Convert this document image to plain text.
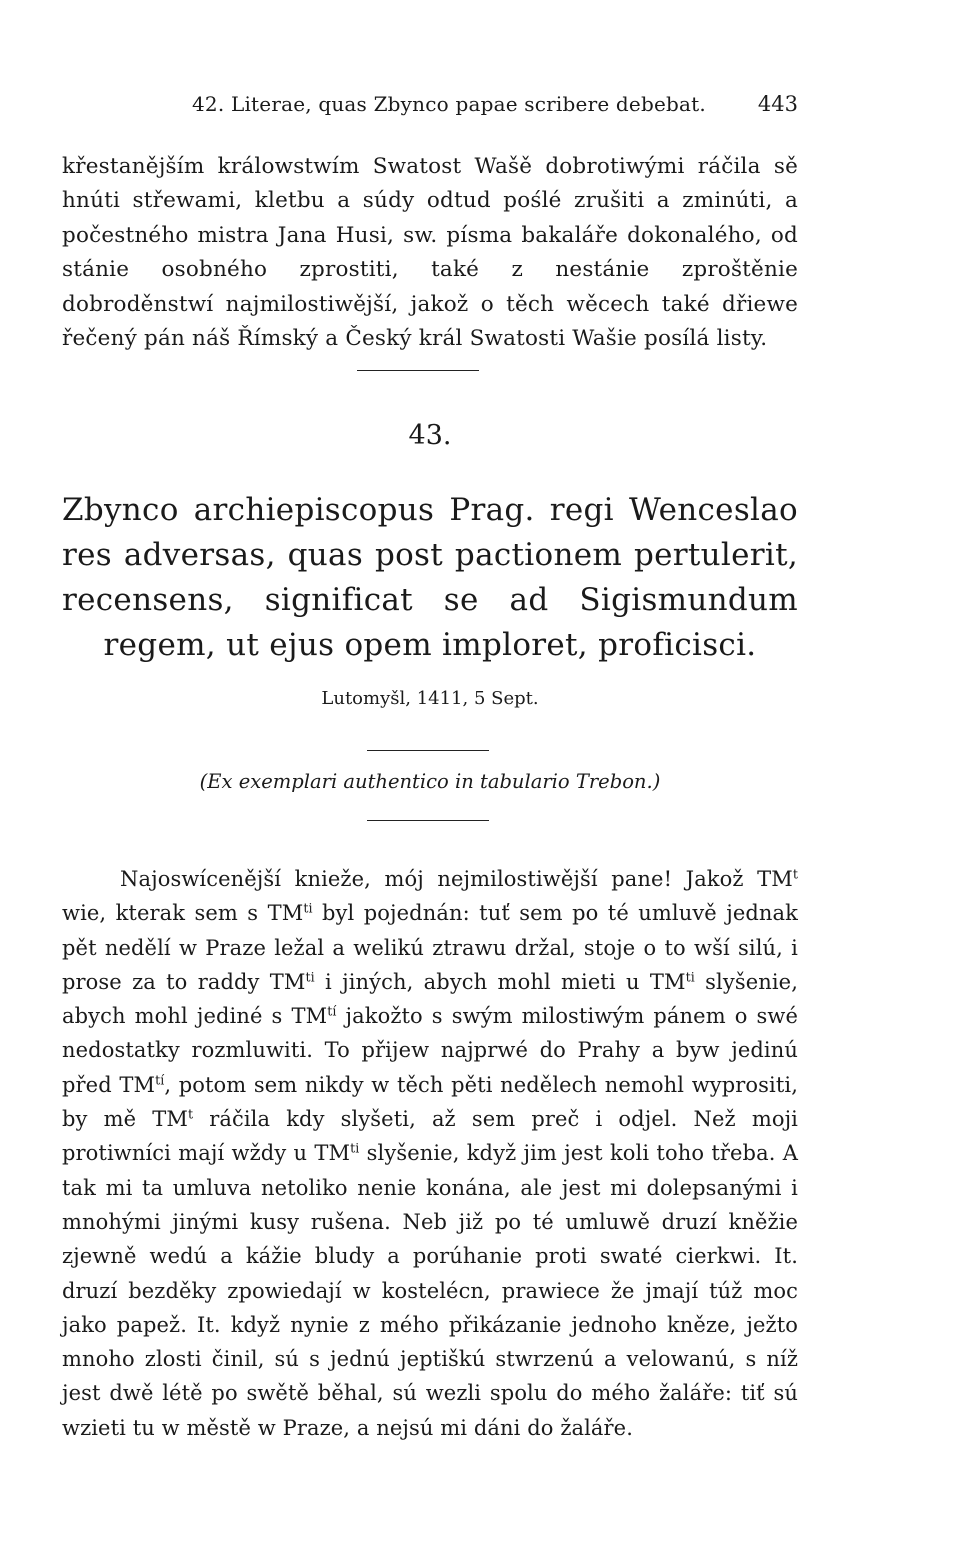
42. Literae, quas Zbynco papae scribere debebat. 443

křestanějším králowstwím Swatost Wašě dobrotiwými ráčila sě hnúti střewami, kletbu a súdy odtud poślé zrušiti a zminúti, a počestného mistra Jana Husi, sw. písma bakaláře dokonalého, od stánie osobného zprostiti, také z nestánie zproštěnie dobroděnstwí najmilostiwější, jakož o těch wěcech také dřiewe řečený pán náš Římský a Český král Swatosti Wašie posílá listy.

43.

Zbynco archiepiscopus Prag. regi Wenceslao res adversas, quas post pactionem pertulerit, recensens, significat se ad Sigismundum regem, ut ejus opem imploret, proficisci.

Lutomyšl, 1411, 5 Sept.
(Ex exemplari authentico in tabulario Trebon.)

Najoswícenější knieže, mój nejmilostiwější pane! Jakož $TM^t$ wie, kterak sem s $TM^{ti}$ byl pojednán: tuť sem po té umluvě jednak pět nedělí w Praze ležal a welikú ztrawu držal, stoje o to wší silú, i prose za to raddy $TM^{ti}$ i jiných, abych mohl mieti u $TM^{ti}$ slyšenie, abych mohl jediné s $TM^{tí}$ jakožto s swým milostiwým pánem o swé nedostatky rozmluwiti. To přijew najprwé do Prahy a byw jedinú před $TM^{tí}$, potom sem nikdy w těch pěti nedělech nemohl wyprositi, by mě $TM^t$ ráčila kdy slyšeti, až sem preč i odjel. Než moji protiwníci mají wždy u $TM^{ti}$ slyšenie, když jim jest koli toho třeba. A tak mi ta umluva netoliko nenie konána, ale jest mi dolepsanými i mnohými jinými kusy rušena. Neb již po té umluwě druzí kněžie zjewně wedú a kážie bludy a porúhanie proti swaté cierkwi. It. druzí bezděky zpowiedají w kostelécn, prawiece že jmají túž moc jako papež. It. když nynie z mého přikázanie jednoho kněze, ježto mnoho zlosti činil, sú s jednú jeptiškú stwrzenú a velowanú, s níž jest dwě létě po swětě běhal, sú wezli spolu do mého žaláře: tiť sú wzieti tu w městě w Praze, a nejsú mi dáni do žaláře.
